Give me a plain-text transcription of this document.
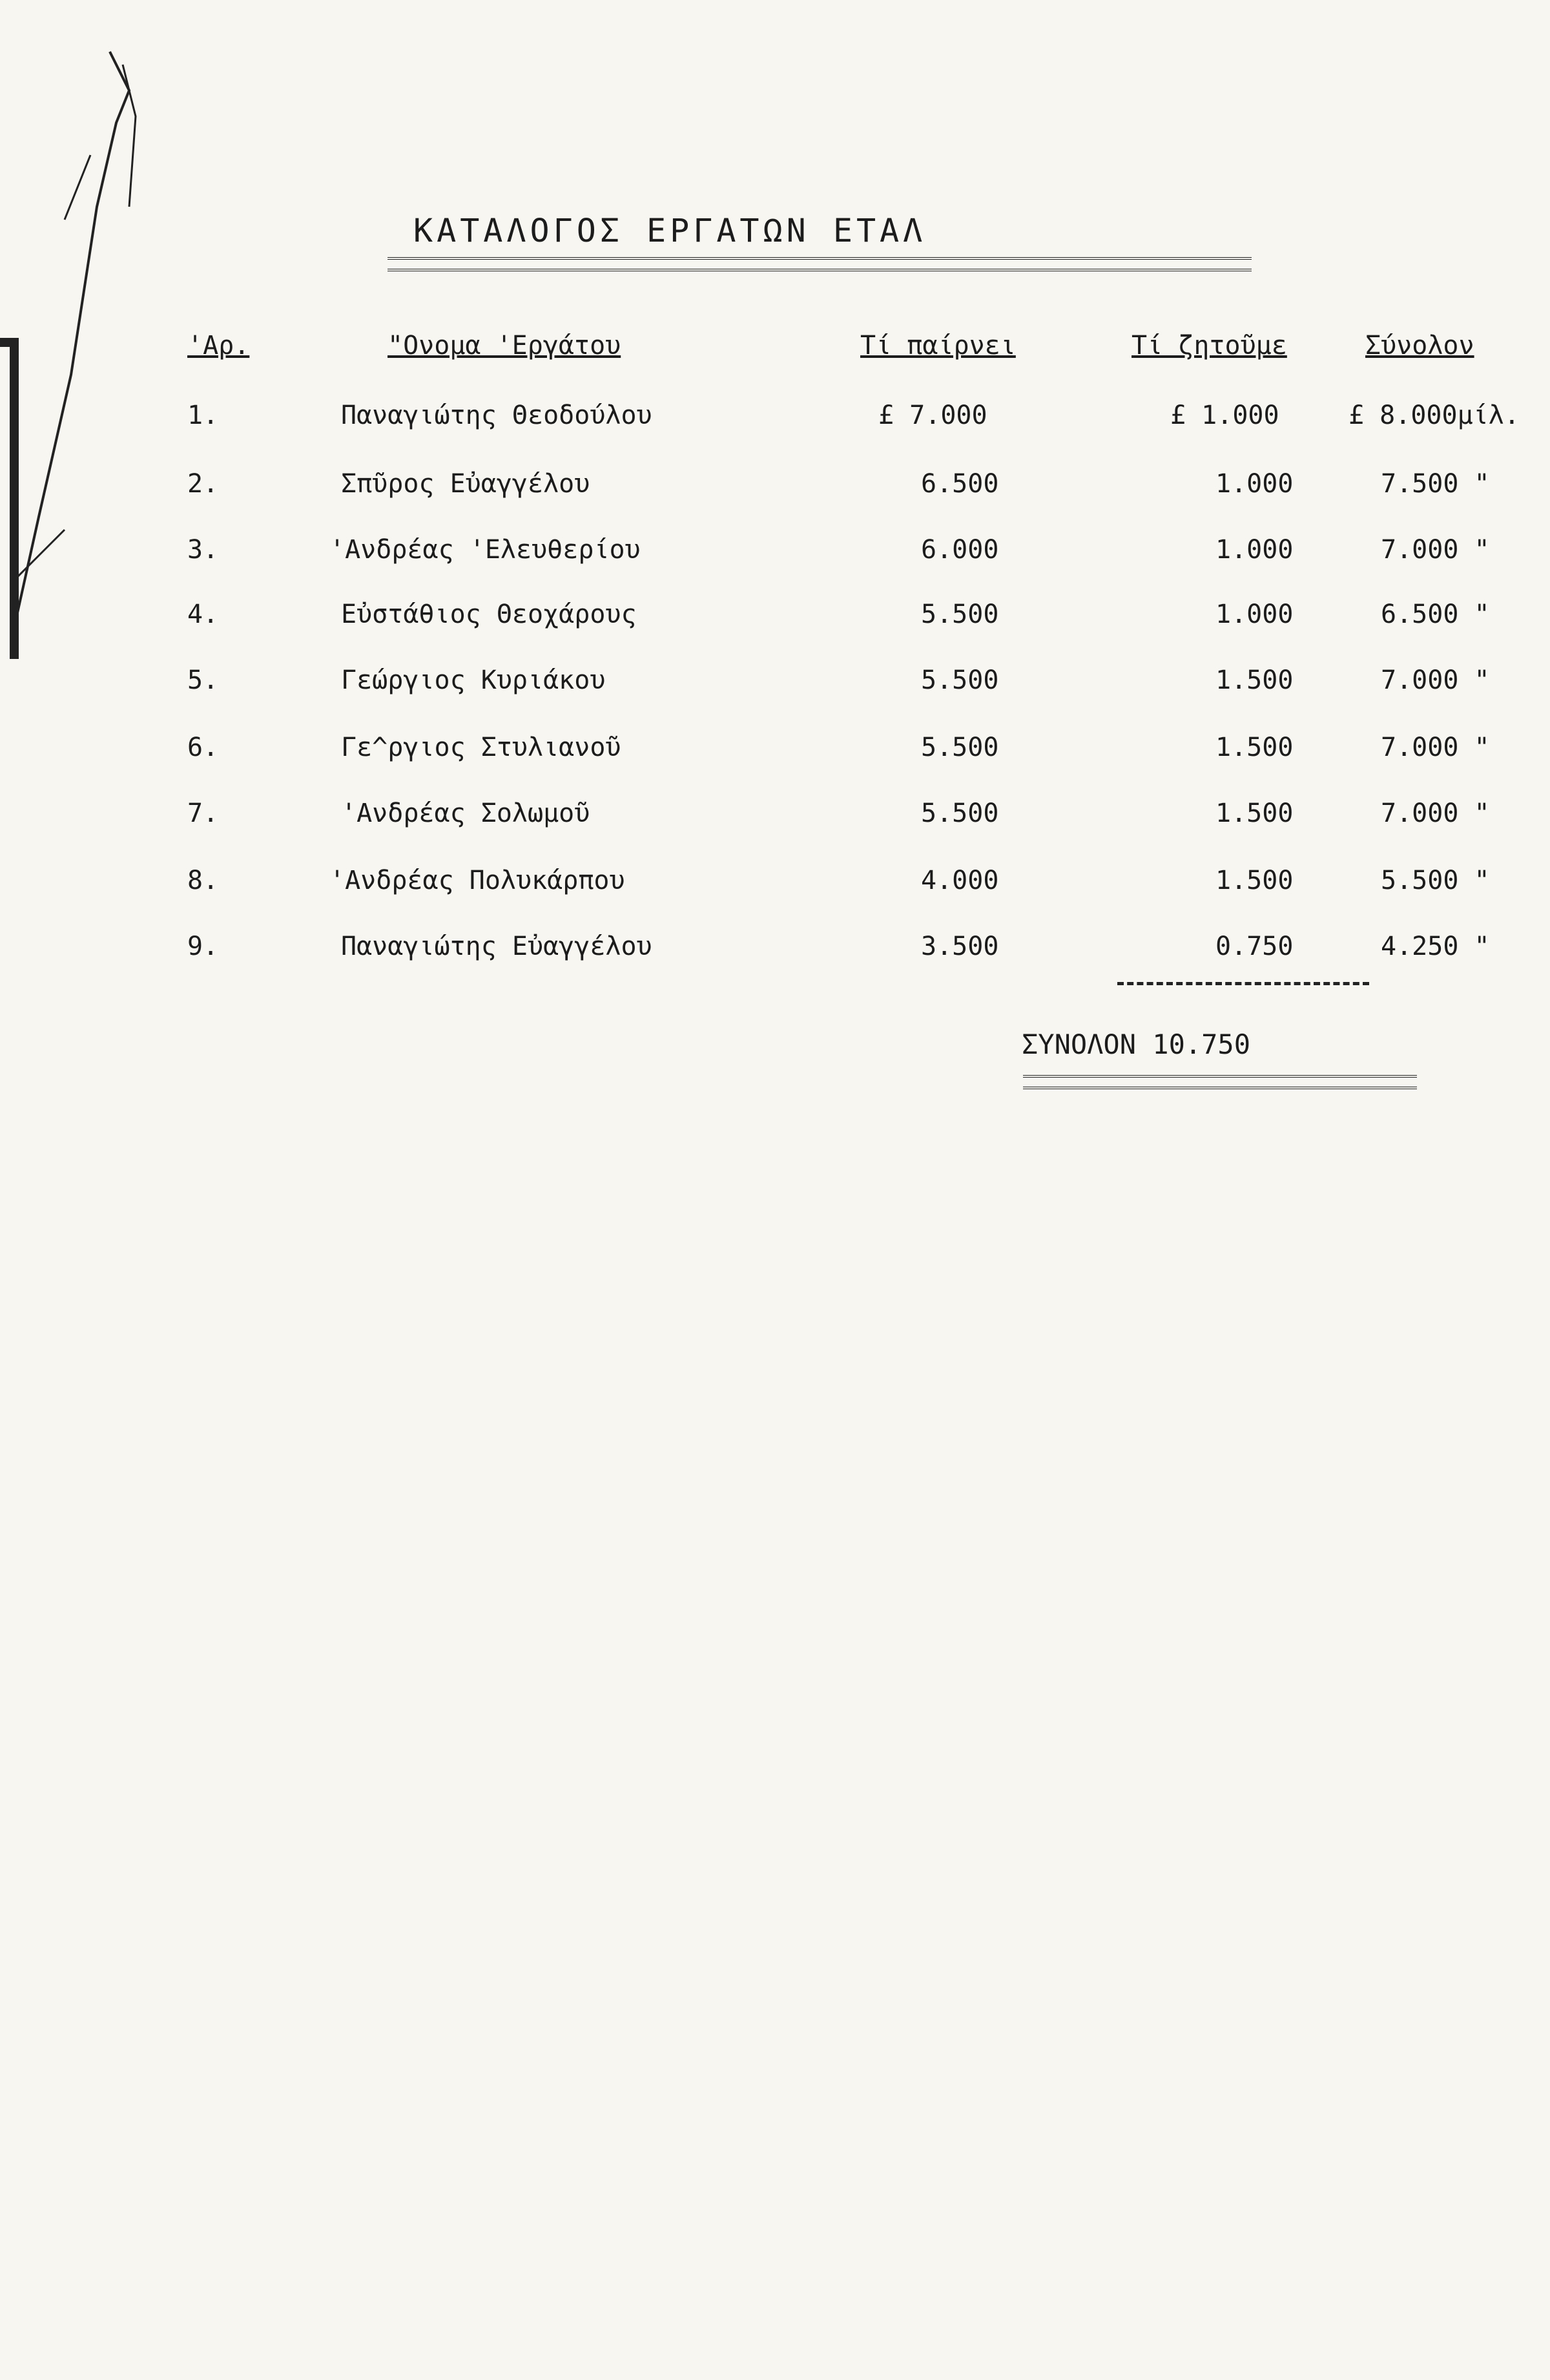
ΚΑΤΑΛΟΓΟΣ ΕΡΓΑΤΩΝ ΕΤΑΛ
'Αρ.	"Ονομα 'Εργάτου	Τί παίρνει	Τί ζητοῦμε	Σύνολον
1.	Παναγιώτης Θεοδούλου	£ 7.000	£ 1.000	£ 8.000μίλ.
2.	Σπῦρος Εὐαγγέλου	6.500	1.000	7.500 "
3.	'Ανδρέας 'Ελευθερίου	6.000	1.000	7.000 "
4.	Εὐστάθιος Θεοχάρους	5.500	1.000	6.500 "
5.	Γεώργιος Κυριάκου	5.500	1.500	7.000 "
6.	Γε^ργιος Στυλιανοῦ	5.500	1.500	7.000 "
7.	'Ανδρέας Σολωμοῦ	5.500	1.500	7.000 "
8.	'Ανδρέας Πολυκάρπου	4.000	1.500	5.500 "
9.	Παναγιώτης Εὐαγγέλου	3.500	0.750	4.250 "
ΣΥΝΟΛΟΝ 10.750
